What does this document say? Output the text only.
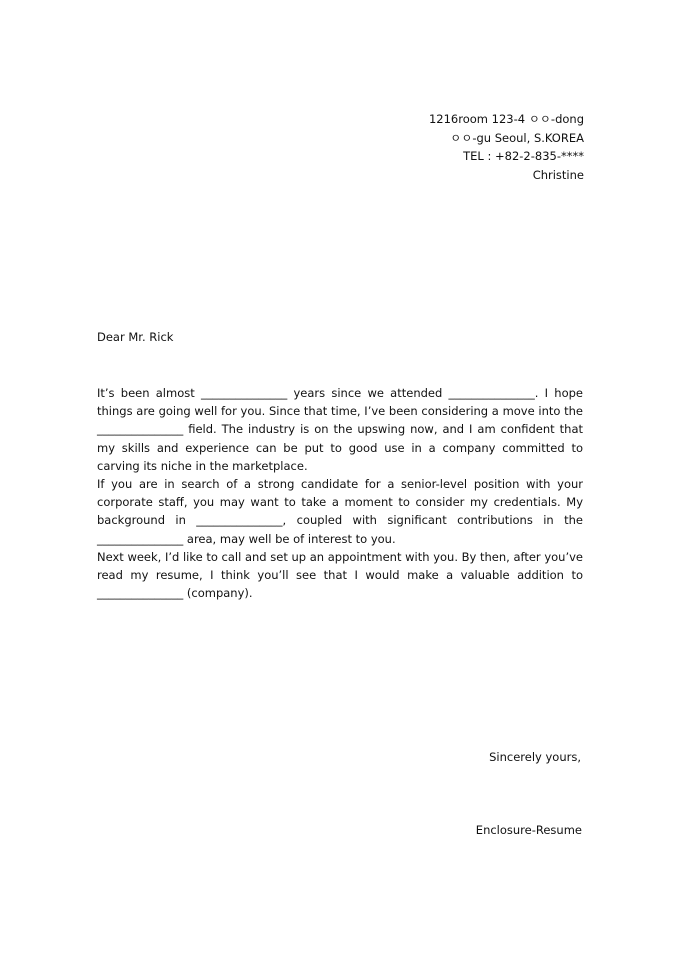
1216room 123-4 ㅇㅇ-dong
ㅇㅇ-gu Seoul, S.KOREA
TEL : +82-2-835-****
Christine
Dear Mr. Rick

It’s been almost _______________ years since we attended _______________. I hope things are going well for you. Since that time, I’ve been considering a move into the _______________ field. The industry is on the upswing now, and I am confident that my skills and experience can be put to good use in a company committed to carving its niche in the marketplace.

If you are in search of a strong candidate for a senior-level position with your corporate staff, you may want to take a moment to consider my credentials. My background in _______________, coupled with significant contributions in the _______________ area, may well be of interest to you.

Next week, I’d like to call and set up an appointment with you. By then, after you’ve read my resume, I think you’ll see that I would make a valuable addition to _______________ (company).

Sincerely yours,
Enclosure-Resume
